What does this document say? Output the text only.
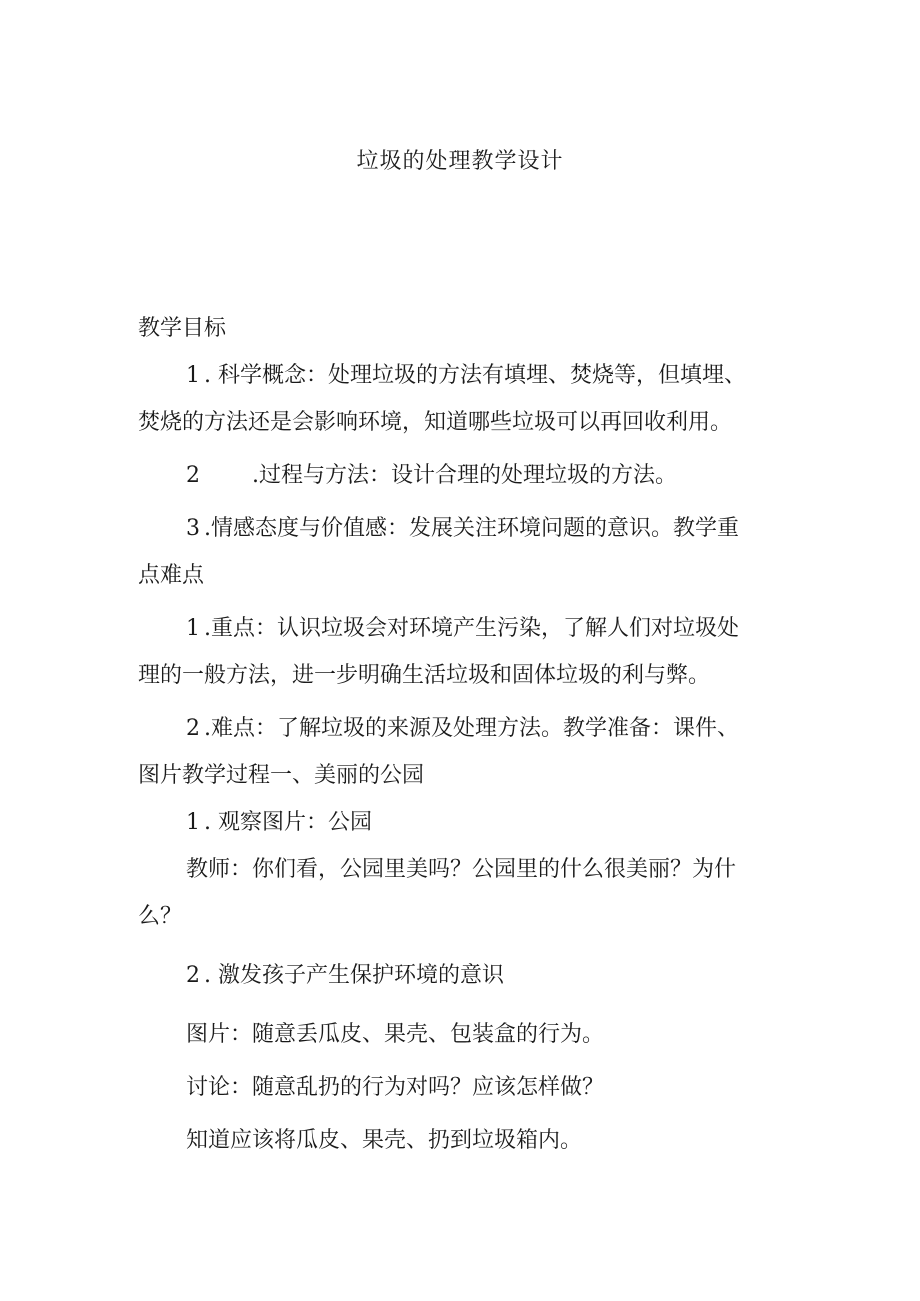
垃圾的处理教学设计
教学目标
1 . 科学概念：处理垃圾的方法有填埋、焚烧等，但填埋、
焚烧的方法还是会影响环境，知道哪些垃圾可以再回收利用。
2 .过程与方法：设计合理的处理垃圾的方法。
3 .情感态度与价值感：发展关注环境问题的意识。教学重
点难点
1 .重点：认识垃圾会对环境产生污染，了解人们对垃圾处
理的一般方法，进一步明确生活垃圾和固体垃圾的利与弊。
2 .难点：了解垃圾的来源及处理方法。教学准备：课件、
图片教学过程一、美丽的公园
1 . 观察图片：公园
教师：你们看，公园里美吗？公园里的什么很美丽？为什
么？
2 . 激发孩子产生保护环境的意识
图片：随意丢瓜皮、果壳、包装盒的行为。
讨论：随意乱扔的行为对吗？应该怎样做？
知道应该将瓜皮、果壳、扔到垃圾箱内。
